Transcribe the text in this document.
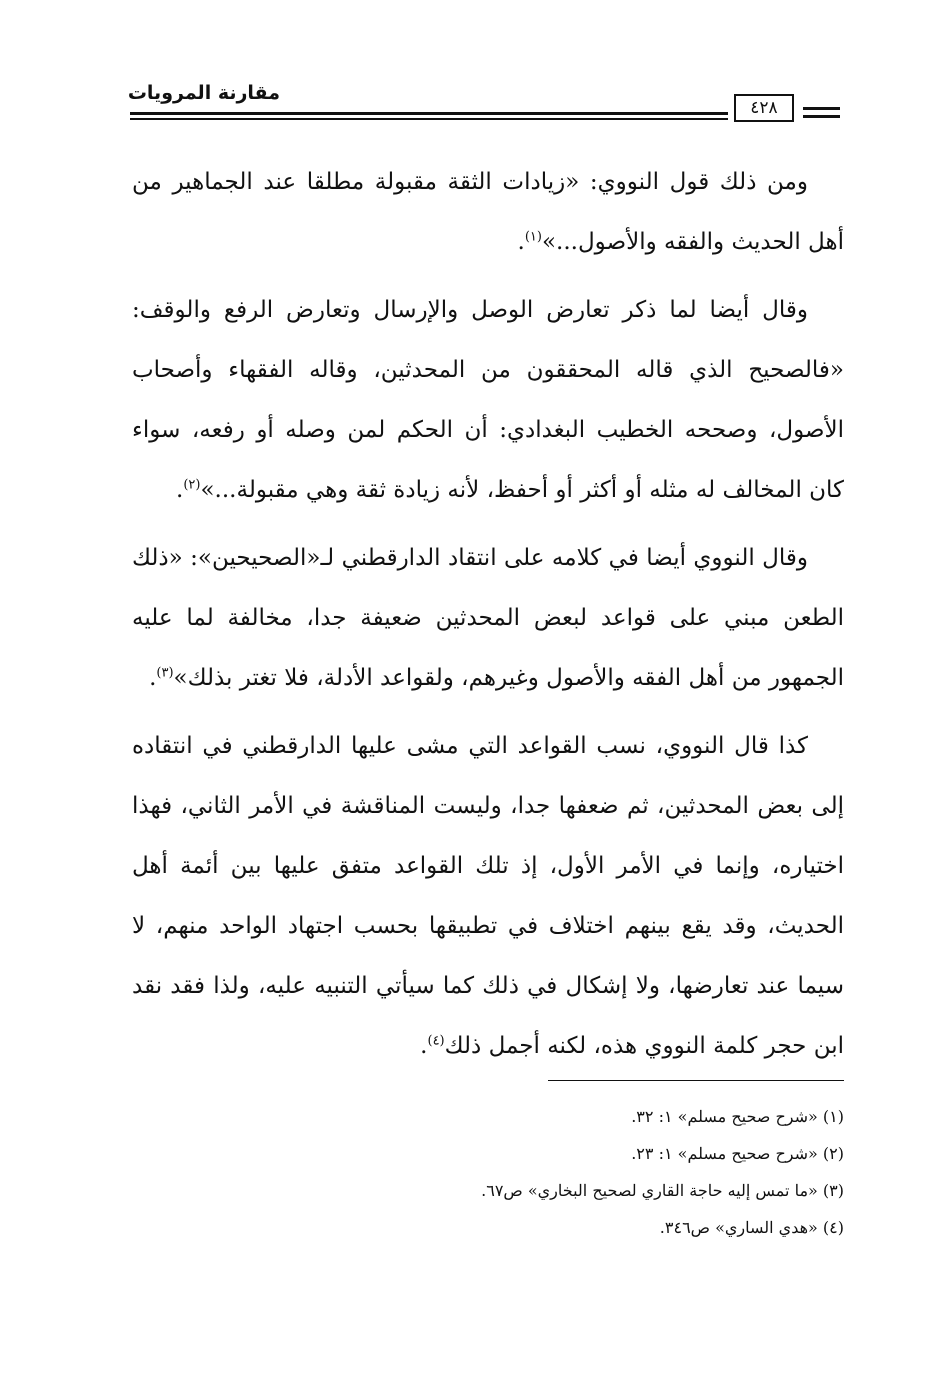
مقارنة المرويات
٤٢٨

ومن ذلك قول النووي: «زيادات الثقة مقبولة مطلقا عند الجماهير من أهل الحديث والفقه والأصول...»$^{(١)}$.

وقال أيضا لما ذكر تعارض الوصل والإرسال وتعارض الرفع والوقف: «فالصحيح الذي قاله المحققون من المحدثين، وقاله الفقهاء وأصحاب الأصول، وصححه الخطيب البغدادي: أن الحكم لمن وصله أو رفعه، سواء كان المخالف له مثله أو أكثر أو أحفظ، لأنه زيادة ثقة وهي مقبولة...»$^{(٢)}$.

وقال النووي أيضا في كلامه على انتقاد الدارقطني لـ«الصحيحين»: «ذلك الطعن مبني على قواعد لبعض المحدثين ضعيفة جدا، مخالفة لما عليه الجمهور من أهل الفقه والأصول وغيرهم، ولقواعد الأدلة، فلا تغتر بذلك»$^{(٣)}$.

كذا قال النووي، نسب القواعد التي مشى عليها الدارقطني في انتقاده إلى بعض المحدثين، ثم ضعفها جدا، وليست المناقشة في الأمر الثاني، فهذا اختياره، وإنما في الأمر الأول، إذ تلك القواعد متفق عليها بين أئمة أهل الحديث، وقد يقع بينهم اختلاف في تطبيقها بحسب اجتهاد الواحد منهم، لا سيما عند تعارضها، ولا إشكال في ذلك كما سيأتي التنبيه عليه، ولذا فقد نقد ابن حجر كلمة النووي هذه، لكنه أجمل ذلك$^{(٤)}$.

(١) «شرح صحيح مسلم» ١: ٣٢.

(٢) «شرح صحيح مسلم» ١: ٢٣.

(٣) «ما تمس إليه حاجة القاري لصحيح البخاري» ص٦٧.

(٤) «هدي الساري» ص٣٤٦.
